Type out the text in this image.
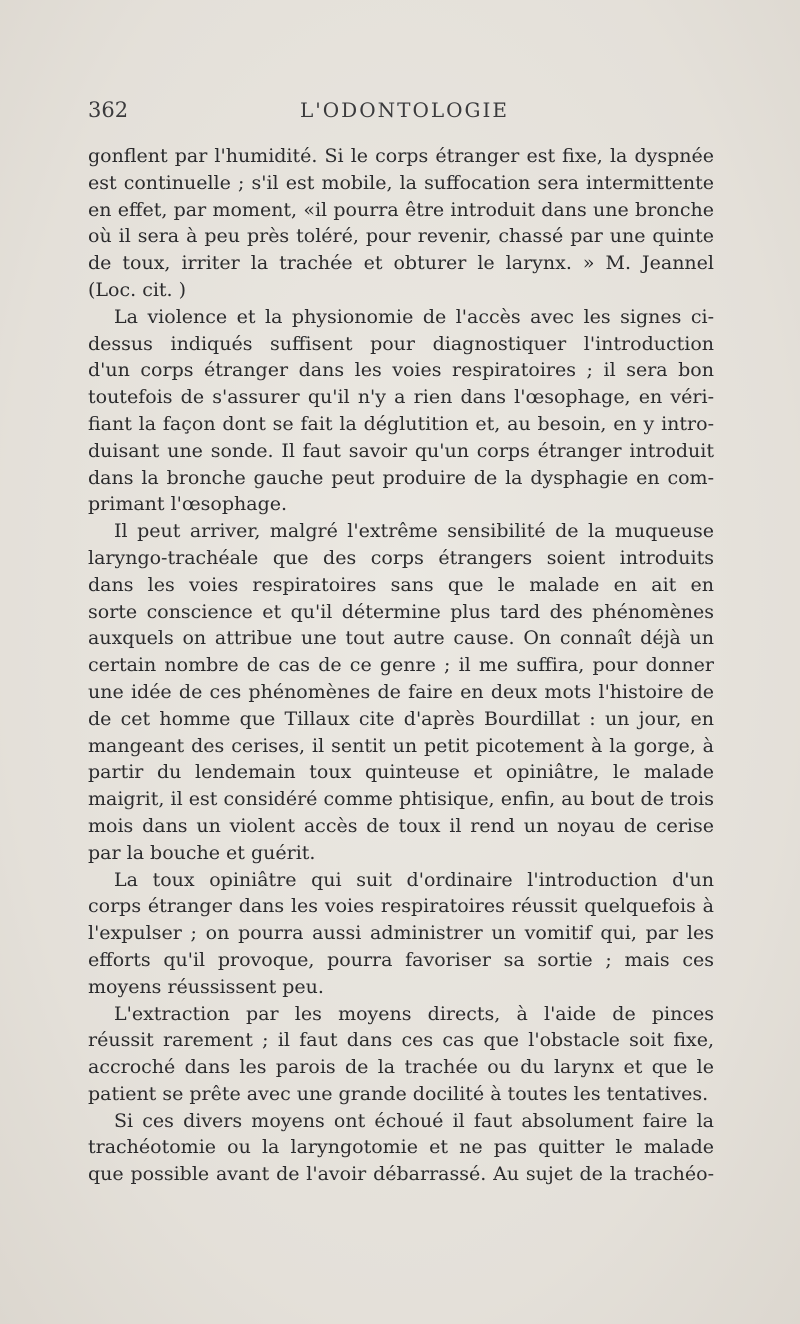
362	L'ODONTOLOGIE
gonflent par l'humidité. Si le corps étranger est fixe, la dyspnée
est continuelle ; s'il est mobile, la suffocation sera intermittente
en effet, par moment, «il pourra être introduit dans une bronche
où il sera à peu près toléré, pour revenir, chassé par une quinte
de toux, irriter la trachée et obturer le larynx. » M. Jeannel
(Loc. cit. )
La violence et la physionomie de l'accès avec les signes ci-
dessus indiqués suffisent pour diagnostiquer l'introduction
d'un corps étranger dans les voies respiratoires ; il sera bon
toutefois de s'assurer qu'il n'y a rien dans l'œsophage, en véri-
fiant la façon dont se fait la déglutition et, au besoin, en y intro-
duisant une sonde. Il faut savoir qu'un corps étranger introduit
dans la bronche gauche peut produire de la dysphagie en com-
primant l'œsophage.
Il peut arriver, malgré l'extrême sensibilité de la muqueuse
laryngo-trachéale que des corps étrangers soient introduits
dans les voies respiratoires sans que le malade en ait en
sorte conscience et qu'il détermine plus tard des phénomènes
auxquels on attribue une tout autre cause. On connaît déjà un
certain nombre de cas de ce genre ; il me suffira, pour donner
une idée de ces phénomènes de faire en deux mots l'histoire de
de cet homme que Tillaux cite d'après Bourdillat : un jour, en
mangeant des cerises, il sentit un petit picotement à la gorge, à
partir du lendemain toux quinteuse et opiniâtre, le malade
maigrit, il est considéré comme phtisique, enfin, au bout de trois
mois dans un violent accès de toux il rend un noyau de cerise
par la bouche et guérit.
La toux opiniâtre qui suit d'ordinaire l'introduction d'un
corps étranger dans les voies respiratoires réussit quelquefois à
l'expulser ; on pourra aussi administrer un vomitif qui, par les
efforts qu'il provoque, pourra favoriser sa sortie ; mais ces
moyens réussissent peu.
L'extraction par les moyens directs, à l'aide de pinces
réussit rarement ; il faut dans ces cas que l'obstacle soit fixe,
accroché dans les parois de la trachée ou du larynx et que le
patient se prête avec une grande docilité à toutes les tentatives.
Si ces divers moyens ont échoué il faut absolument faire la
trachéotomie ou la laryngotomie et ne pas quitter le malade
que possible avant de l'avoir débarrassé. Au sujet de la trachéo-
